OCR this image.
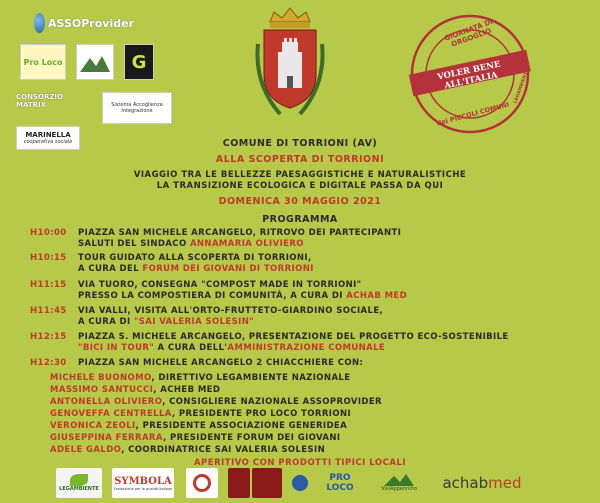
ASSOProvider
Pro Loco	G
CONSORZIO MATRIX	Sistema Accoglienza Integrazione
MARINELLA
cooperativa sociale
GIORNATA DI ORGOGLIO
VOLER BENE ALL'ITALIA
dei PICCOLI COMUNI
LEGAMBIENTE
COMUNE DI TORRIONI (AV)
ALLA SCOPERTA DI TORRIONI
VIAGGIO TRA LE BELLEZZE PAESAGGISTICHE E NATURALISTICHE
LA TRANSIZIONE ECOLOGICA E DIGITALE PASSA DA QUI
DOMENICA 30 MAGGIO 2021
PROGRAMMA
H10:00	PIAZZA SAN MICHELE ARCANGELO, RITROVO DEI PARTECIPANTI
SALUTI DEL SINDACO ANNAMARIA OLIVIERO
H10:15	TOUR GUIDATO ALLA SCOPERTA DI TORRIONI,
A CURA DEL FORUM DEI GIOVANI DI TORRIONI
H11:15	VIA TUORO, CONSEGNA "COMPOST MADE IN TORRIONI"
PRESSO LA COMPOSTIERA DI COMUNITÀ, A CURA DI ACHAB MED
H11:45	VIA VALLI, VISITA ALL'ORTO-FRUTTETO-GIARDINO SOCIALE,
A CURA DI "SAI VALERIA SOLESIN"
H12:15	PIAZZA S. MICHELE ARCANGELO, PRESENTAZIONE DEL PROGETTO ECO-SOSTENIBILE
"BICI IN TOUR" A CURA DELL'AMMINISTRAZIONE COMUNALE
H12:30	PIAZZA SAN MICHELE ARCANGELO 2 CHIACCHIERE CON:
MICHELE BUONOMO, DIRETTIVO LEGAMBIENTE NAZIONALE
MASSIMO SANTUCCI, ACHEB MED
ANTONELLA OLIVIERO, CONSIGLIERE NAZIONALE ASSOPROVIDER
GENOVEFFA CENTRELLA, PRESIDENTE PRO LOCO TORRIONI
VERONICA ZEOLI, PRESIDENTE ASSOCIAZIONE GENERIDEA
GIUSEPPINA FERRARA, PRESIDENTE FORUM DEI GIOVANI
ADELE GALDO, COORDINATRICE SAI VALERIA SOLESIN
APERITIVO CON PRODOTTI TIPICI LOCALI
LEGAMBIENTE
SYMBOLA
Fondazione per le qualità italiane
PRO LOCO	ViviAppennino achab med
